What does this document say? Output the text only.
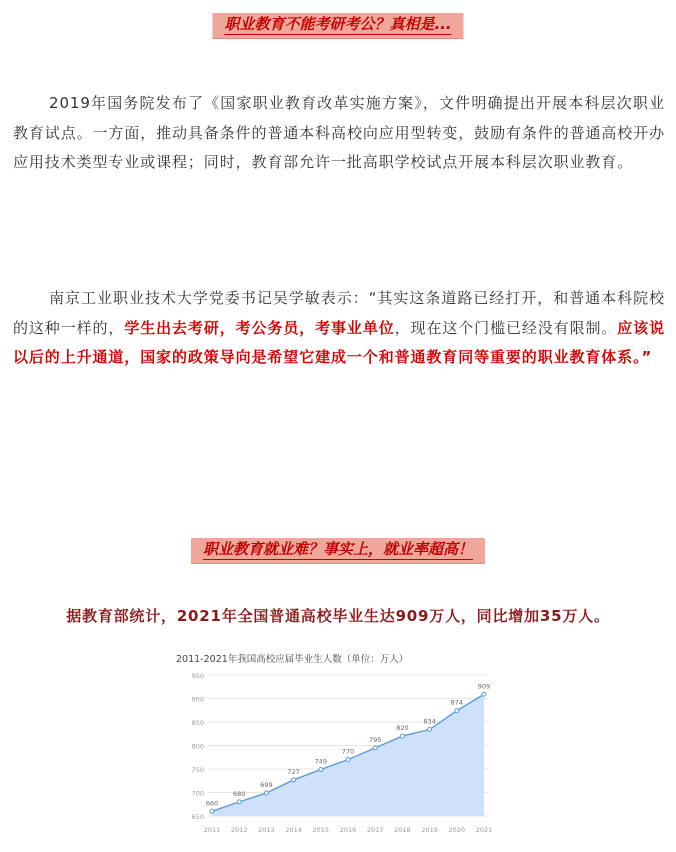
职业教育不能考研考公？真相是...

2019年国务院发布了《国家职业教育改革实施方案》，文件明确提出开展本科层次职业教育试点。一方面，推动具备条件的普通本科高校向应用型转变，鼓励有条件的普通高校开办应用技术类型专业或课程；同时，教育部允许一批高职学校试点开展本科层次职业教育。

南京工业职业技术大学党委书记吴学敏表示：“其实这条道路已经打开，和普通本科院校的这种一样的，学生出去考研，考公务员，考事业单位，现在这个门槛已经没有限制。应该说以后的上升通道，国家的政策导向是希望它建成一个和普通教育同等重要的职业教育体系。”

职业教育就业难？事实上，就业率超高！
据教育部统计，2021年全国普通高校毕业生达909万人，同比增加35万人。
2011-2021年我国高校应届毕业生人数（单位：万人）
660
680
699
727
749
770
795
820
834
874
909
650
700
750
800
850
900
950
2011 2012 2013 2014 2015 2016 2017 2018 2019 2020 2021
